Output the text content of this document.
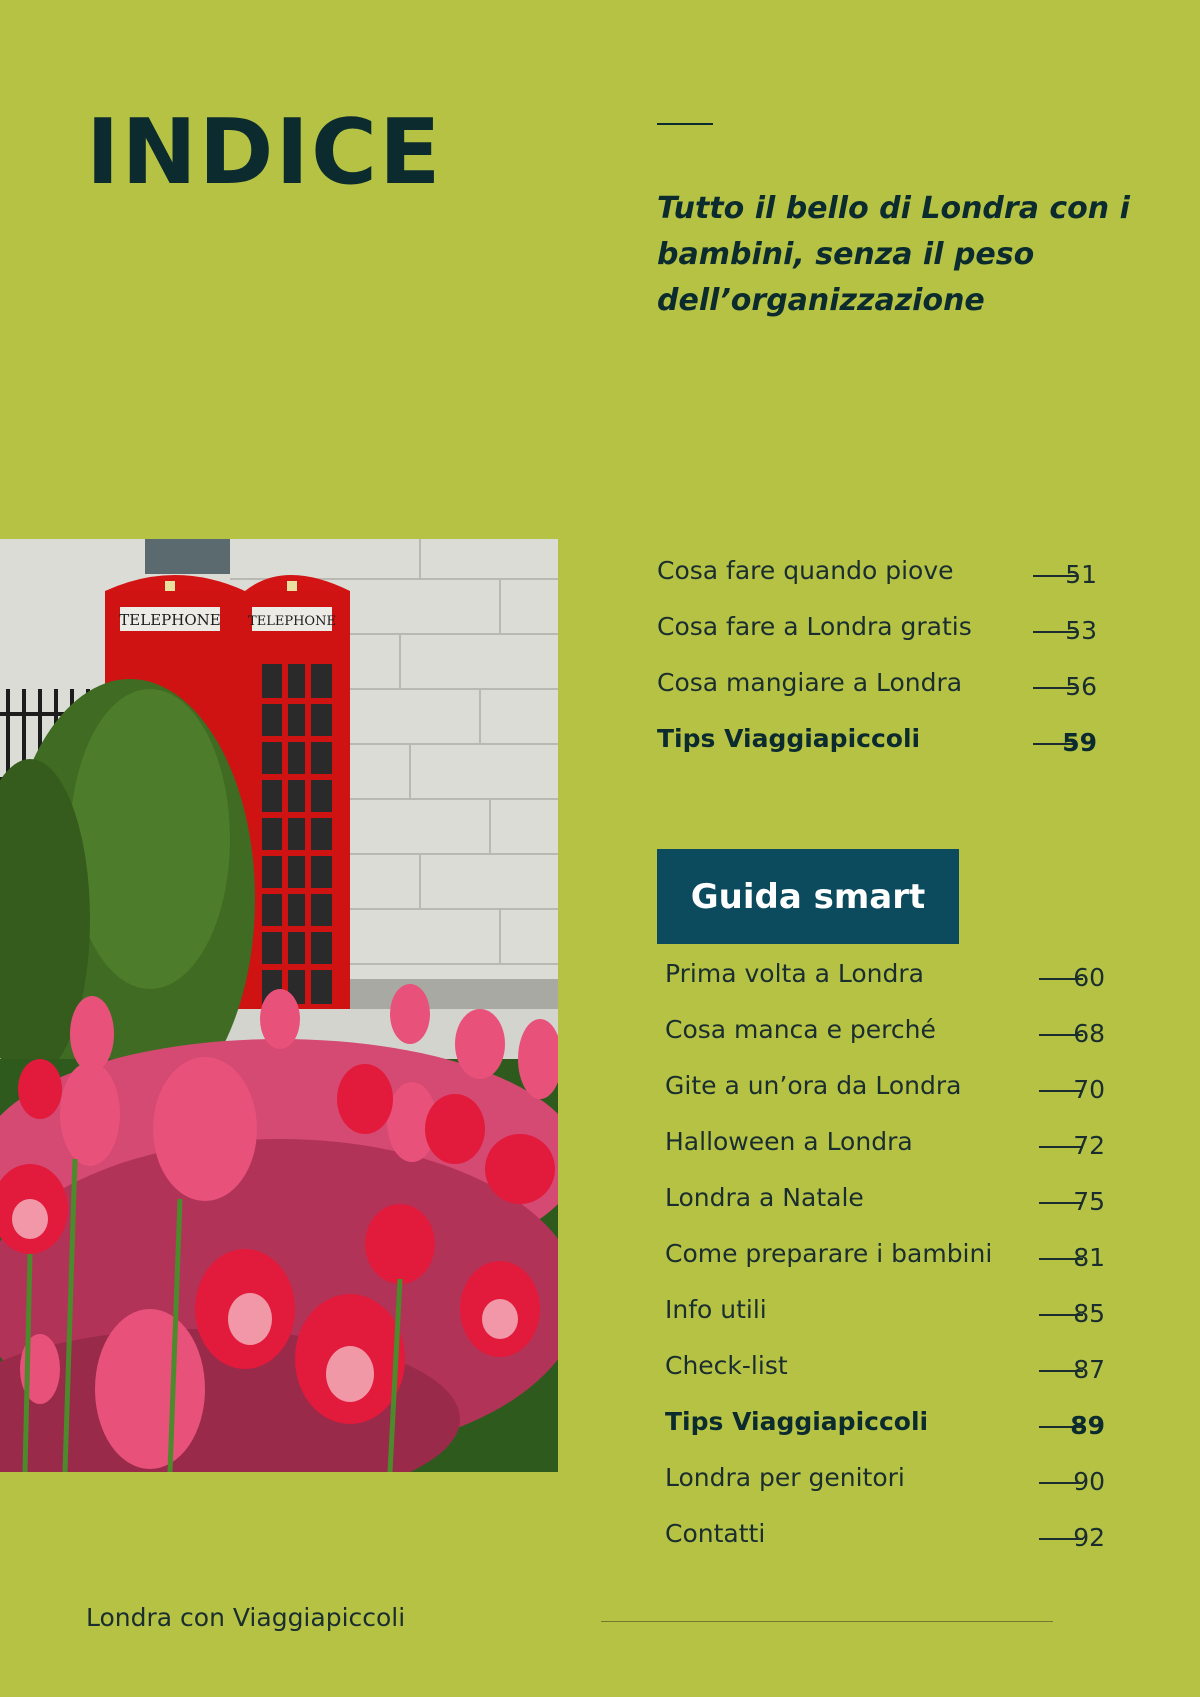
INDICE

Tutto il bello di Londra con i bambini, senza il peso dell’organizzazione

TELEPHONE TELEPHONE
Cosa fare quando piove	51
Cosa fare a Londra gratis	53
Cosa mangiare a Londra	56
Tips Viaggiapiccoli	59
Guida smart
Prima volta a Londra	60
Cosa manca e perché	68
Gite a un’ora da Londra	70
Halloween a Londra	72
Londra a Natale	75
Come preparare i bambini	81
Info utili	85
Check-list	87
Tips Viaggiapiccoli	89
Londra per genitori	90
Contatti	92
Londra con Viaggiapiccoli
